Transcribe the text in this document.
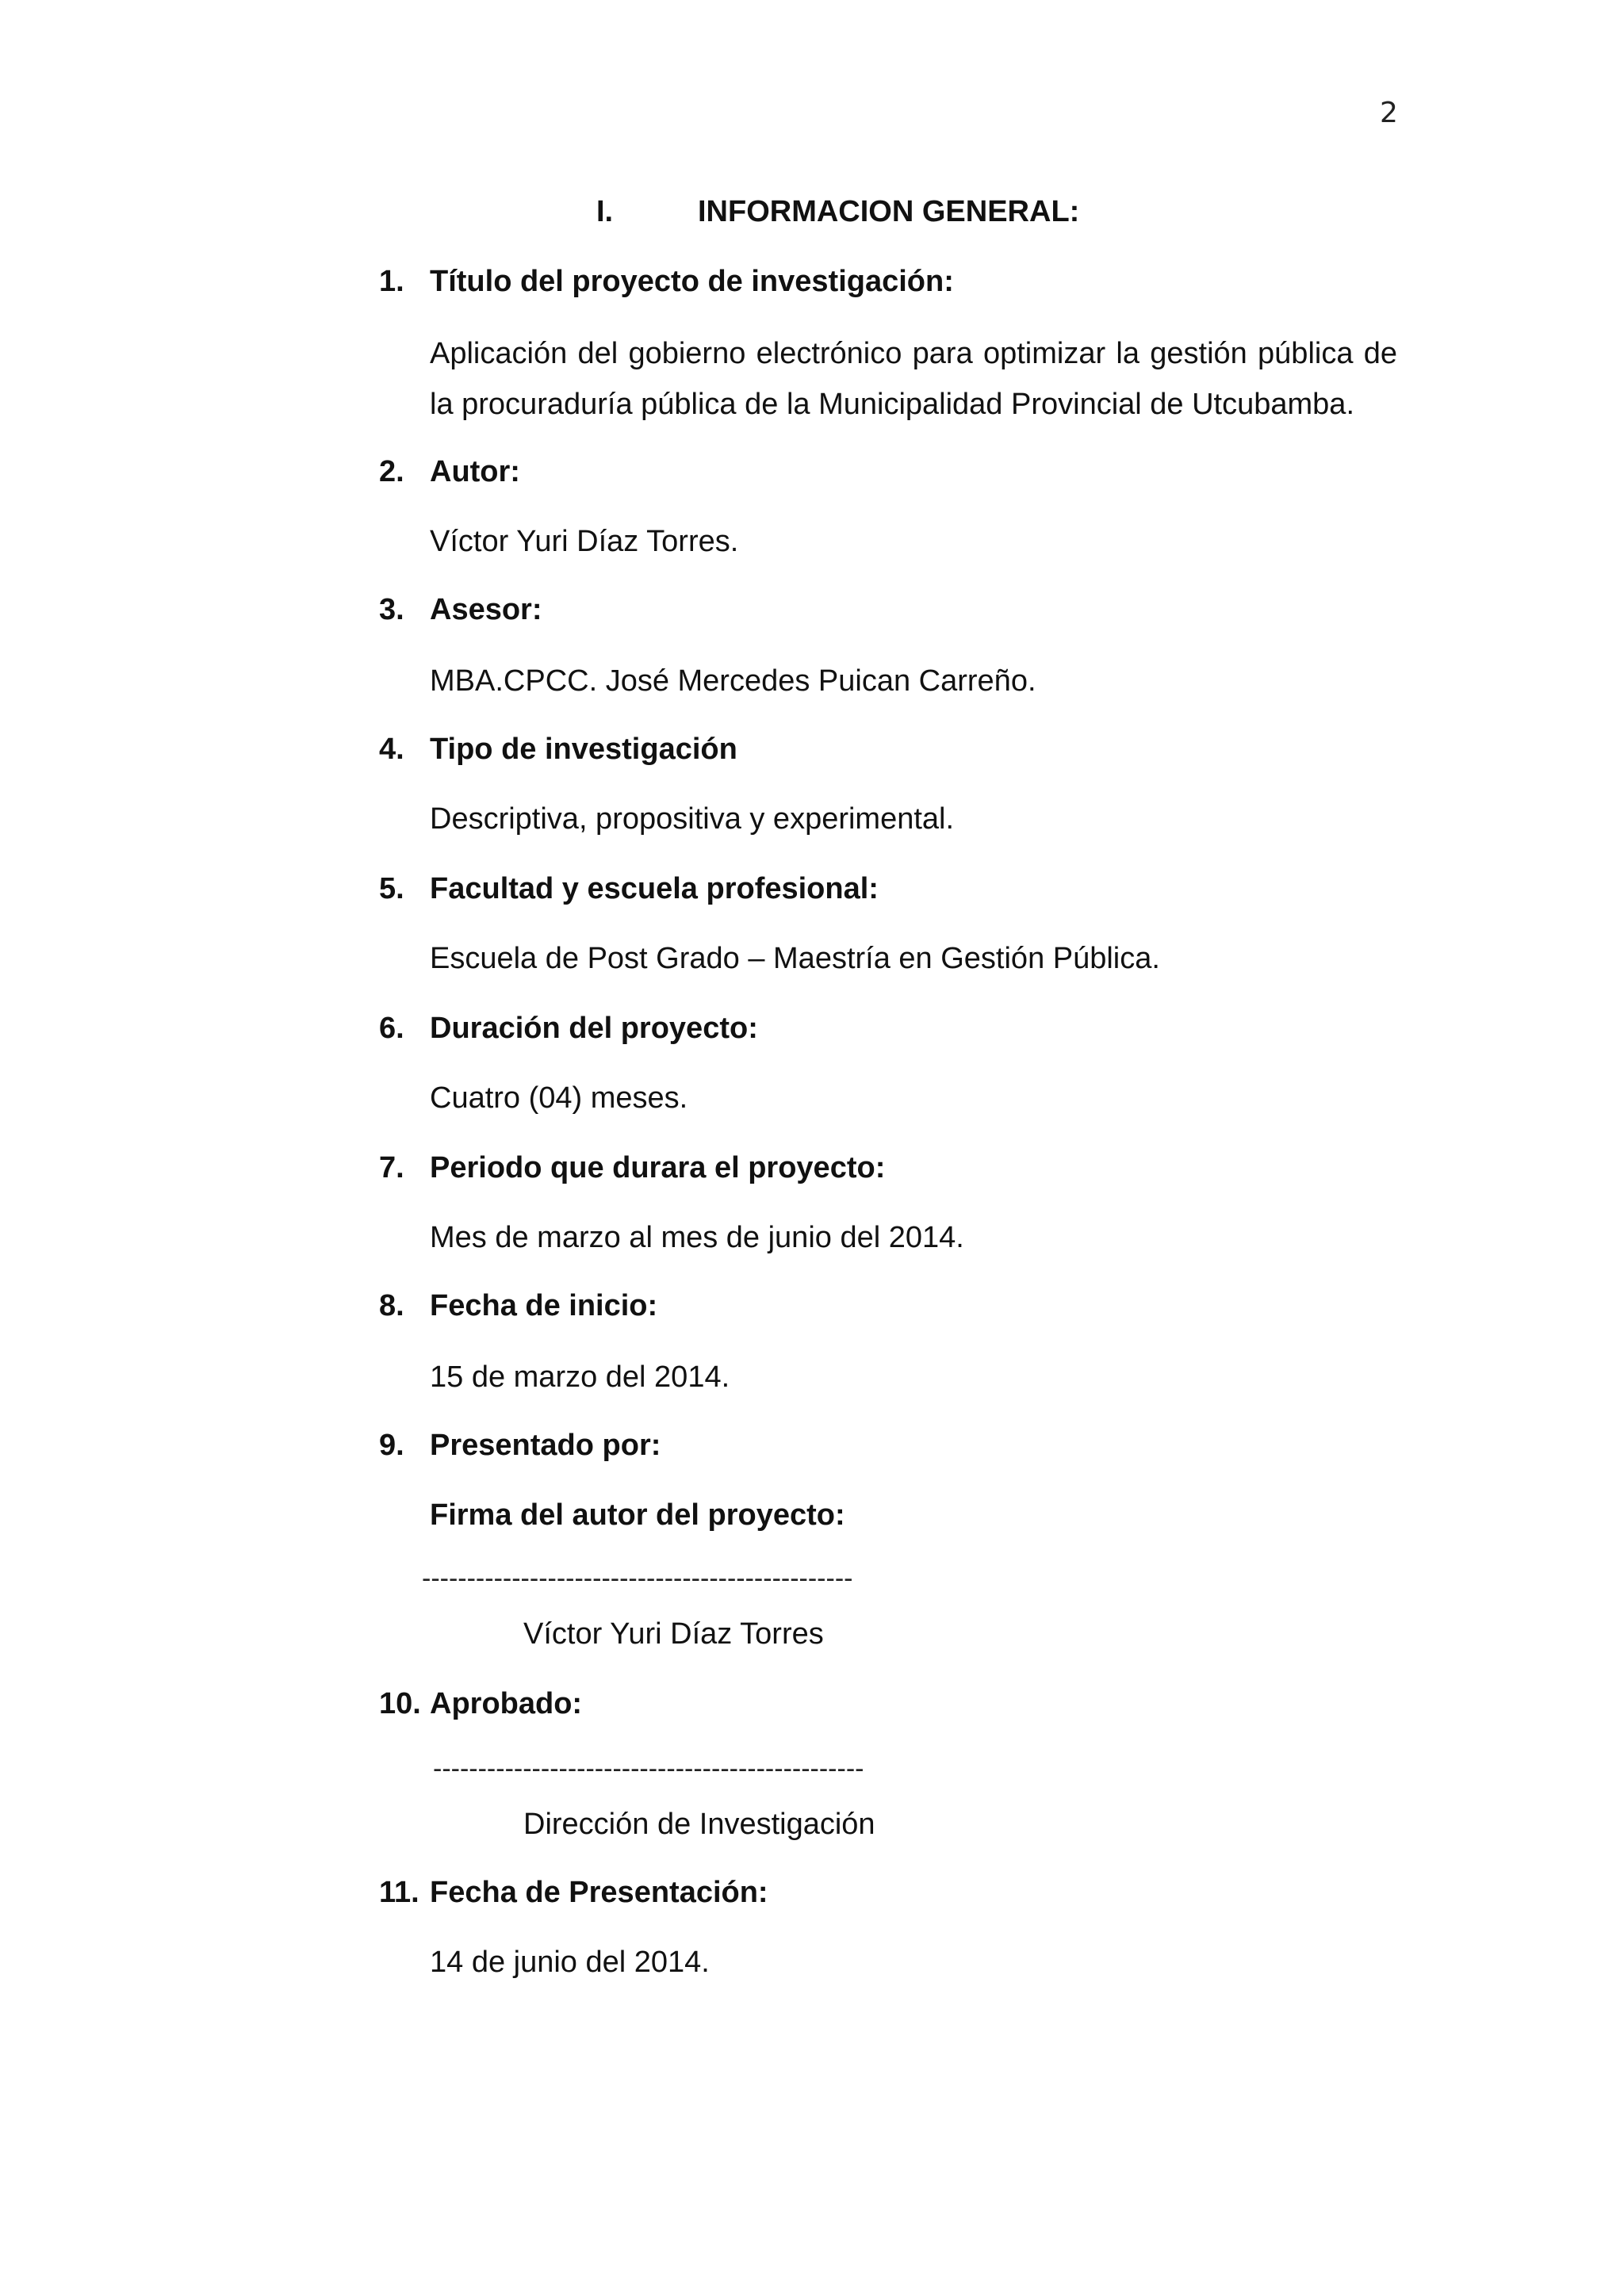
2
I.	INFORMACION GENERAL:
1. Título del proyecto de investigación:
Aplicación del gobierno electrónico para optimizar la gestión pública de la procuraduría pública de la Municipalidad Provincial de Utcubamba.
2. Autor:
Víctor Yuri Díaz Torres.
3. Asesor:
MBA.CPCC. José Mercedes Puican Carreño.
4. Tipo de investigación
Descriptiva, propositiva y experimental.
5. Facultad y escuela profesional:
Escuela de Post Grado – Maestría en Gestión Pública.
6. Duración del proyecto:
Cuatro (04) meses.
7. Periodo que durara el proyecto:
Mes de marzo al mes de junio del 2014.
8. Fecha de inicio:
15 de marzo del 2014.
9. Presentado por:
Firma del autor del proyecto:
------------------------------------------------
Víctor Yuri Díaz Torres
10. Aprobado:
------------------------------------------------
Dirección de Investigación
11. Fecha de Presentación:
14 de junio del 2014.
